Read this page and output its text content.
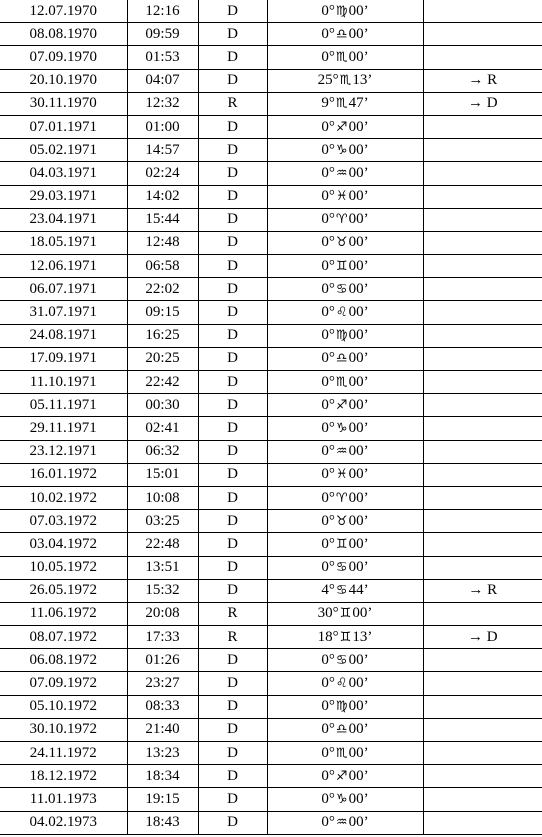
12.07.1970	12:16	D	0°♍00’	
08.08.1970	09:59	D	0°♎00’	
07.09.1970	01:53	D	0°♏00’	
20.10.1970	04:07	D	25°♏13’	→ R
30.11.1970	12:32	R	9°♏47’	→ D
07.01.1971	01:00	D	0°♐00’	
05.02.1971	14:57	D	0°♑00’	
04.03.1971	02:24	D	0°♒00’	
29.03.1971	14:02	D	0°♓00’	
23.04.1971	15:44	D	0°♈00’	
18.05.1971	12:48	D	0°♉00’	
12.06.1971	06:58	D	0°♊00’	
06.07.1971	22:02	D	0°♋00’	
31.07.1971	09:15	D	0°♌00’	
24.08.1971	16:25	D	0°♍00’	
17.09.1971	20:25	D	0°♎00’	
11.10.1971	22:42	D	0°♏00’	
05.11.1971	00:30	D	0°♐00’	
29.11.1971	02:41	D	0°♑00’	
23.12.1971	06:32	D	0°♒00’	
16.01.1972	15:01	D	0°♓00’	
10.02.1972	10:08	D	0°♈00’	
07.03.1972	03:25	D	0°♉00’	
03.04.1972	22:48	D	0°♊00’	
10.05.1972	13:51	D	0°♋00’	
26.05.1972	15:32	D	4°♋44’	→ R
11.06.1972	20:08	R	30°♊00’	
08.07.1972	17:33	R	18°♊13’	→ D
06.08.1972	01:26	D	0°♋00’	
07.09.1972	23:27	D	0°♌00’	
05.10.1972	08:33	D	0°♍00’	
30.10.1972	21:40	D	0°♎00’	
24.11.1972	13:23	D	0°♏00’	
18.12.1972	18:34	D	0°♐00’	
11.01.1973	19:15	D	0°♑00’	
04.02.1973	18:43	D	0°♒00’	
